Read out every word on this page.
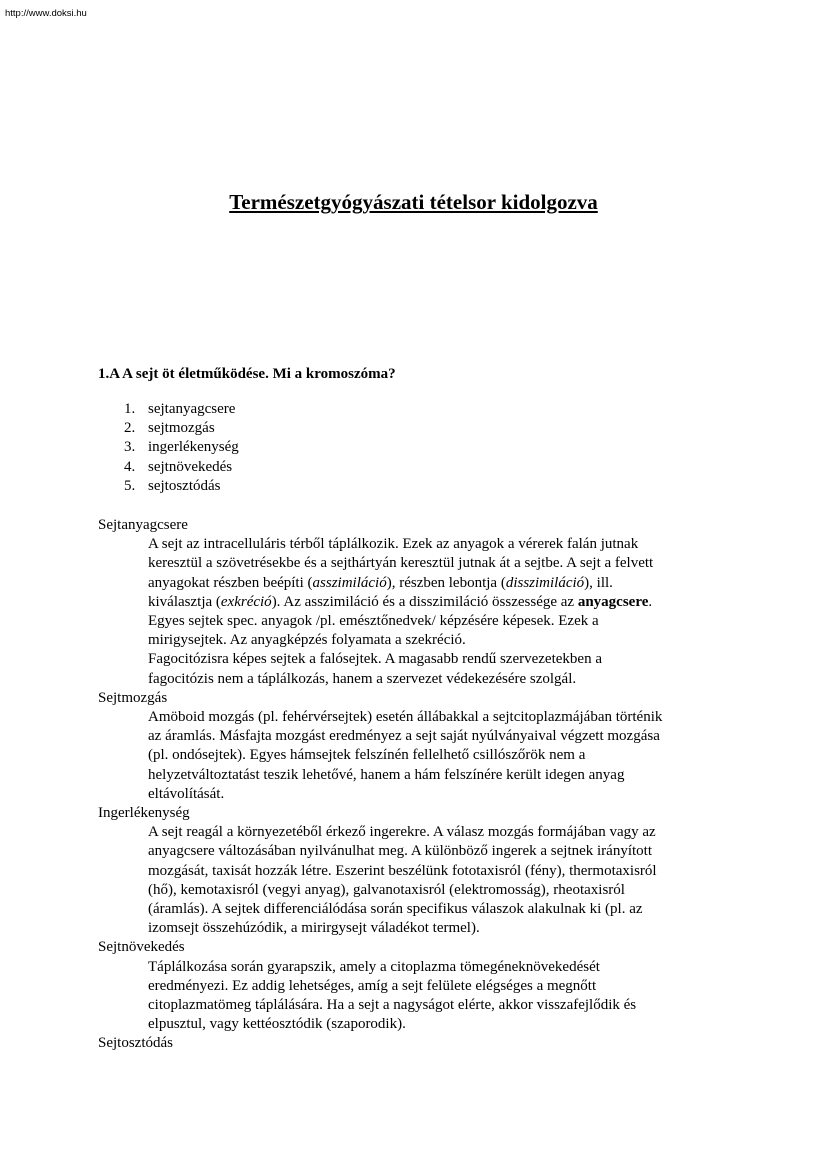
http://www.doksi.hu
Természetgyógyászati tételsor kidolgozva
1.A A sejt öt életműködése. Mi a kromoszóma?
1. sejtanyagcsere
2. sejtmozgás
3. ingerlékenység
4. sejtnövekedés
5. sejtosztódás
Sejtanyagcsere
A sejt az intracelluláris térből táplálkozik. Ezek az anyagok a vérerek falán jutnak
keresztül a szövetrésekbe és a sejthártyán keresztül jutnak át a sejtbe. A sejt a felvett
anyagokat részben beépíti (asszimiláció), részben lebontja (disszimiláció), ill.
kiválasztja (exkréció). Az asszimiláció és a disszimiláció összessége az anyagcsere.
Egyes sejtek spec. anyagok /pl. emésztőnedvek/ képzésére képesek. Ezek a
mirigysejtek. Az anyagképzés folyamata a szekréció.
Fagocitózisra képes sejtek a falósejtek. A magasabb rendű szervezetekben a
fagocitózis nem a táplálkozás, hanem a szervezet védekezésére szolgál.
Sejtmozgás
Amöboid mozgás (pl. fehérvérsejtek) esetén állábakkal a sejtcitoplazmájában történik
az áramlás. Másfajta mozgást eredményez a sejt saját nyúlványaival végzett mozgása
(pl. ondósejtek). Egyes hámsejtek felszínén fellelhető csillószőrök nem a
helyzetváltoztatást teszik lehetővé, hanem a hám felszínére került idegen anyag
eltávolítását.
Ingerlékenység
A sejt reagál a környezetéből érkező ingerekre. A válasz mozgás formájában vagy az
anyagcsere változásában nyilvánulhat meg. A különböző ingerek a sejtnek irányított
mozgását, taxisát hozzák létre. Eszerint beszélünk fototaxisról (fény), thermotaxisról
(hő), kemotaxisról (vegyi anyag), galvanotaxisról (elektromosság), rheotaxisról
(áramlás). A sejtek differenciálódása során specifikus válaszok alakulnak ki (pl. az
izomsejt összehúzódik, a mirirgysejt váladékot termel).
Sejtnövekedés
Táplálkozása során gyarapszik, amely a citoplazma tömegéneknövekedését
eredményezi. Ez addig lehetséges, amíg a sejt felülete elégséges a megnőtt
citoplazmatömeg táplálására. Ha a sejt a nagyságot elérte, akkor visszafejlődik és
elpusztul, vagy kettéosztódik (szaporodik).
Sejtosztódás
